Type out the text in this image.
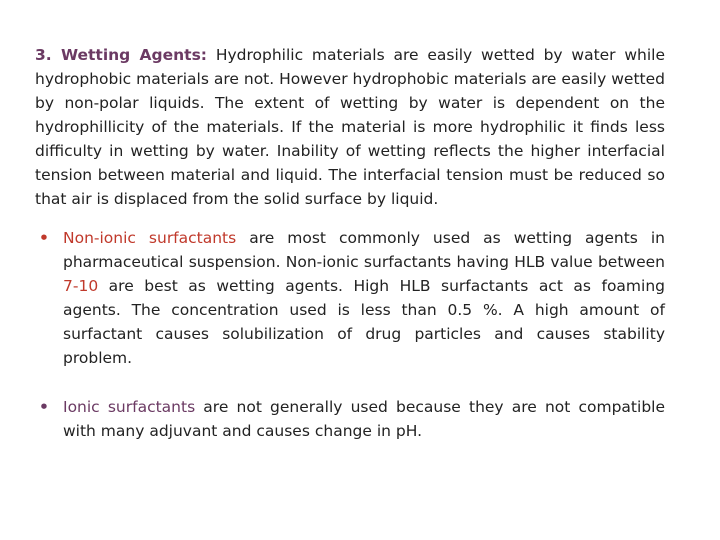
3. Wetting Agents: Hydrophilic materials are easily wetted by water while hydrophobic materials are not. However hydrophobic materials are easily wetted by non-polar liquids. The extent of wetting by water is dependent on the hydrophillicity of the materials. If the material is more hydrophilic it finds less difficulty in wetting by water. Inability of wetting reflects the higher interfacial tension between material and liquid. The interfacial tension must be reduced so that air is displaced from the solid surface by liquid.

• Non-ionic surfactants are most commonly used as wetting agents in pharmaceutical suspension. Non-ionic surfactants having HLB value between 7-10 are best as wetting agents. High HLB surfactants act as foaming agents. The concentration used is less than 0.5 %. A high amount of surfactant causes solubilization of drug particles and causes stability problem.
• Ionic surfactants are not generally used because they are not compatible with many adjuvant and causes change in pH.
